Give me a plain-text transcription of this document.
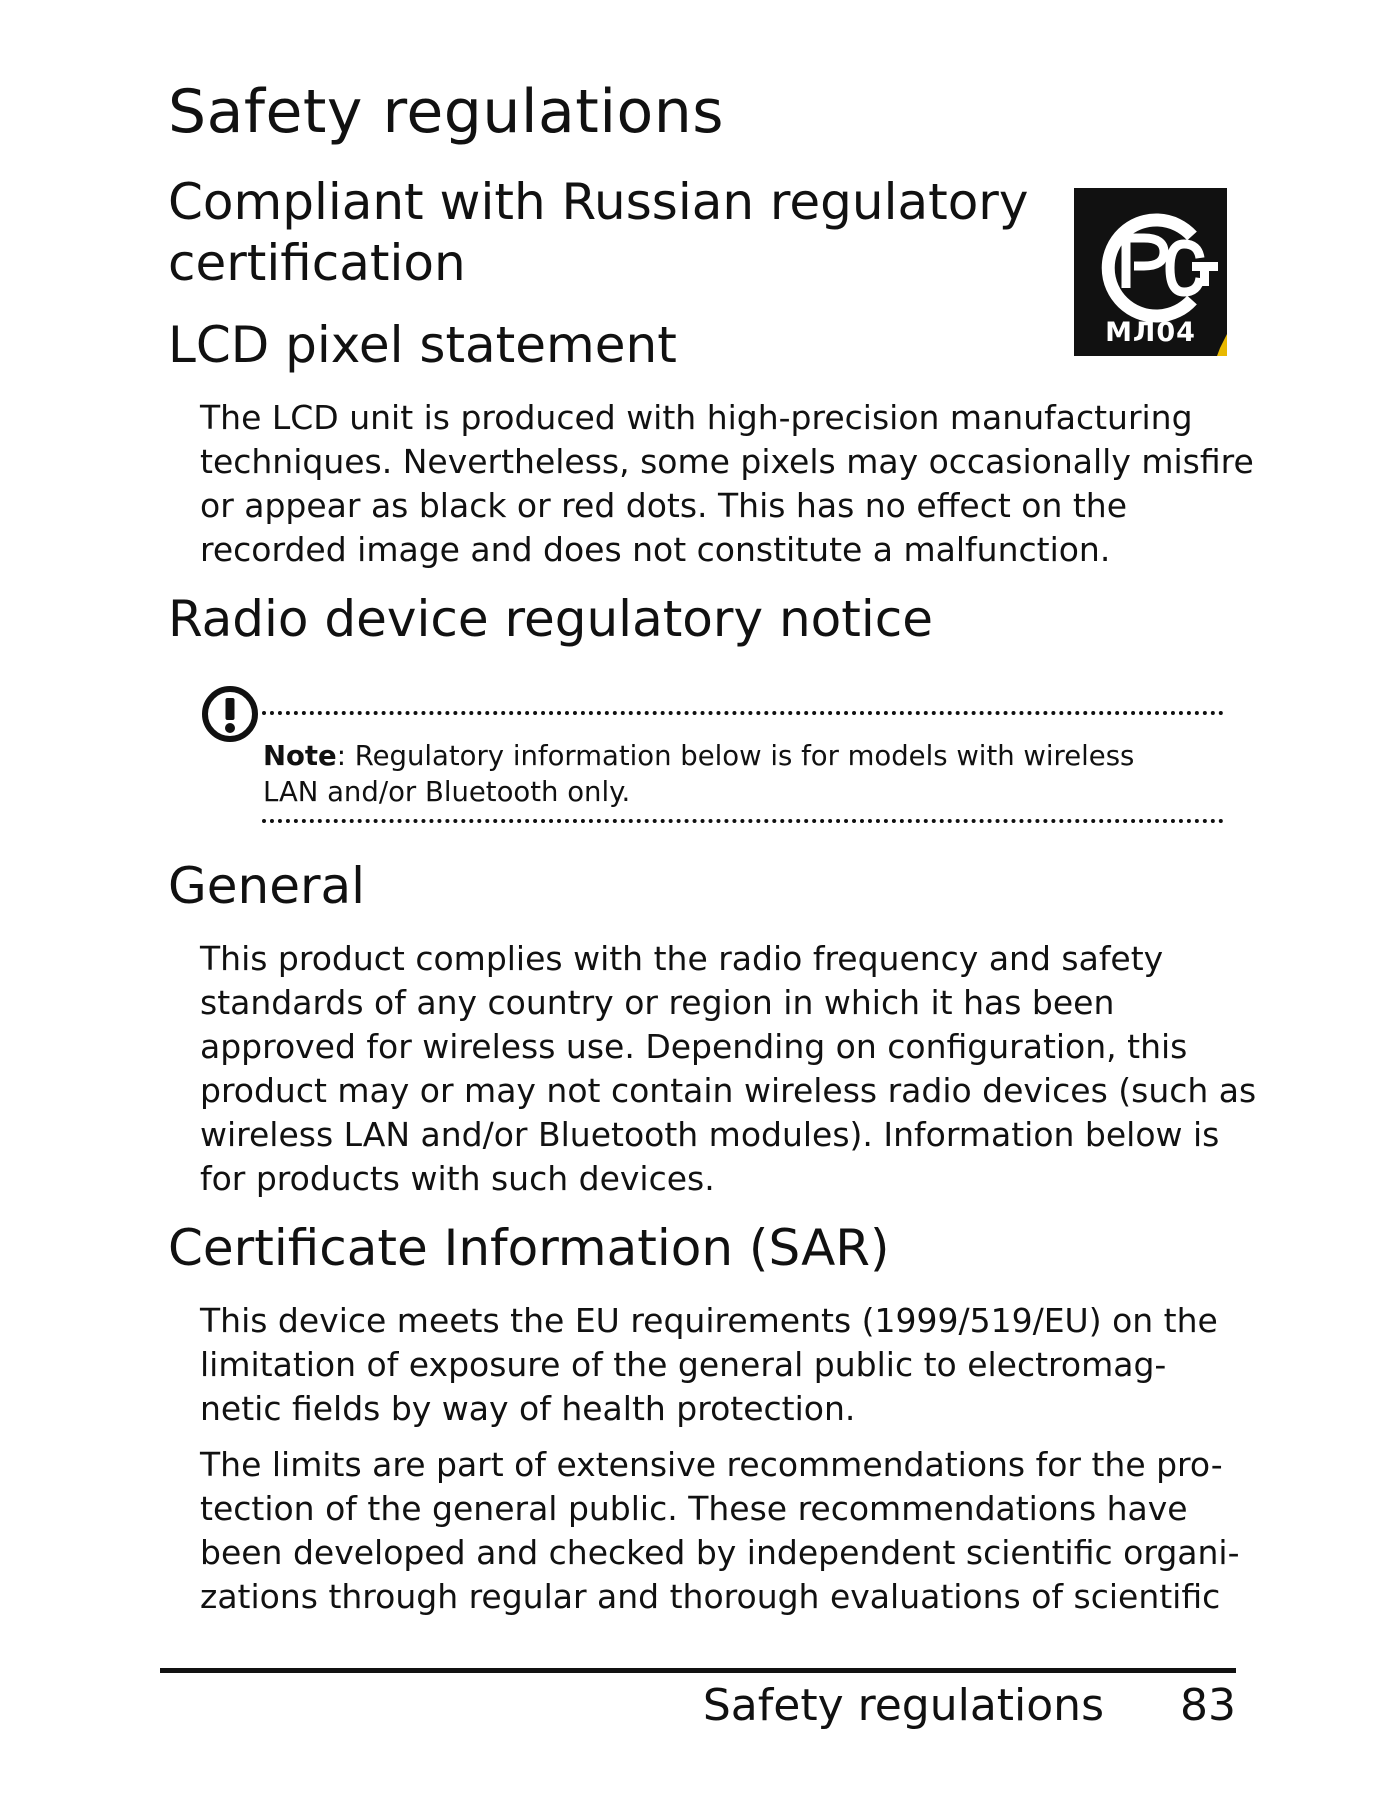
Safety regulations
Compliant with Russian regulatory
certification
МЛ04
LCD pixel statement
The LCD unit is produced with high-precision manufacturing
techniques. Nevertheless, some pixels may occasionally misfire
or appear as black or red dots. This has no effect on the
recorded image and does not constitute a malfunction.
Radio device regulatory notice
Note: Regulatory information below is for models with wireless
LAN and/or Bluetooth only.
General
This product complies with the radio frequency and safety
standards of any country or region in which it has been
approved for wireless use. Depending on configuration, this
product may or may not contain wireless radio devices (such as
wireless LAN and/or Bluetooth modules). Information below is
for products with such devices.
Certificate Information (SAR)
This device meets the EU requirements (1999/519/EU) on the
limitation of exposure of the general public to electromag-
netic fields by way of health protection.
The limits are part of extensive recommendations for the pro-
tection of the general public. These recommendations have
been developed and checked by independent scientific organi-
zations through regular and thorough evaluations of scientific
Safety regulations 83
